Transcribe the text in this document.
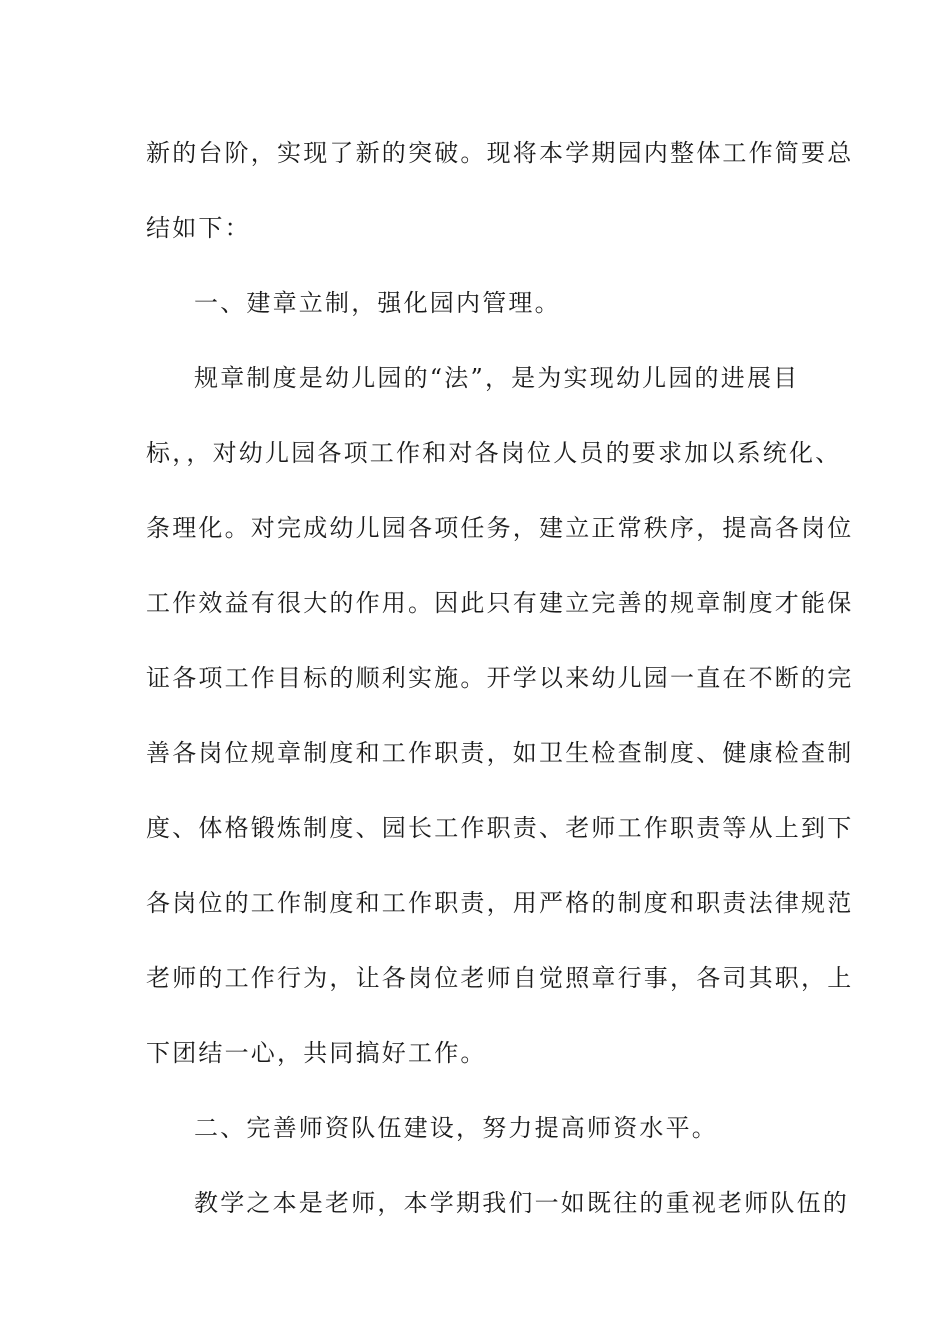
新的台阶，实现了新的突破。现将本学期园内整体工作简要总
结如下：
一、建章立制，强化园内管理。
规章制度是幼儿园的“法”，是为实现幼儿园的进展目
标，，对幼儿园各项工作和对各岗位人员的要求加以系统化、
条理化。对完成幼儿园各项任务，建立正常秩序，提高各岗位
工作效益有很大的作用。因此只有建立完善的规章制度才能保
证各项工作目标的顺利实施。开学以来幼儿园一直在不断的完
善各岗位规章制度和工作职责，如卫生检查制度、健康检查制
度、体格锻炼制度、园长工作职责、老师工作职责等从上到下
各岗位的工作制度和工作职责，用严格的制度和职责法律规范
老师的工作行为，让各岗位老师自觉照章行事，各司其职，上
下团结一心，共同搞好工作。
二、完善师资队伍建设，努力提高师资水平。
教学之本是老师，本学期我们一如既往的重视老师队伍的
